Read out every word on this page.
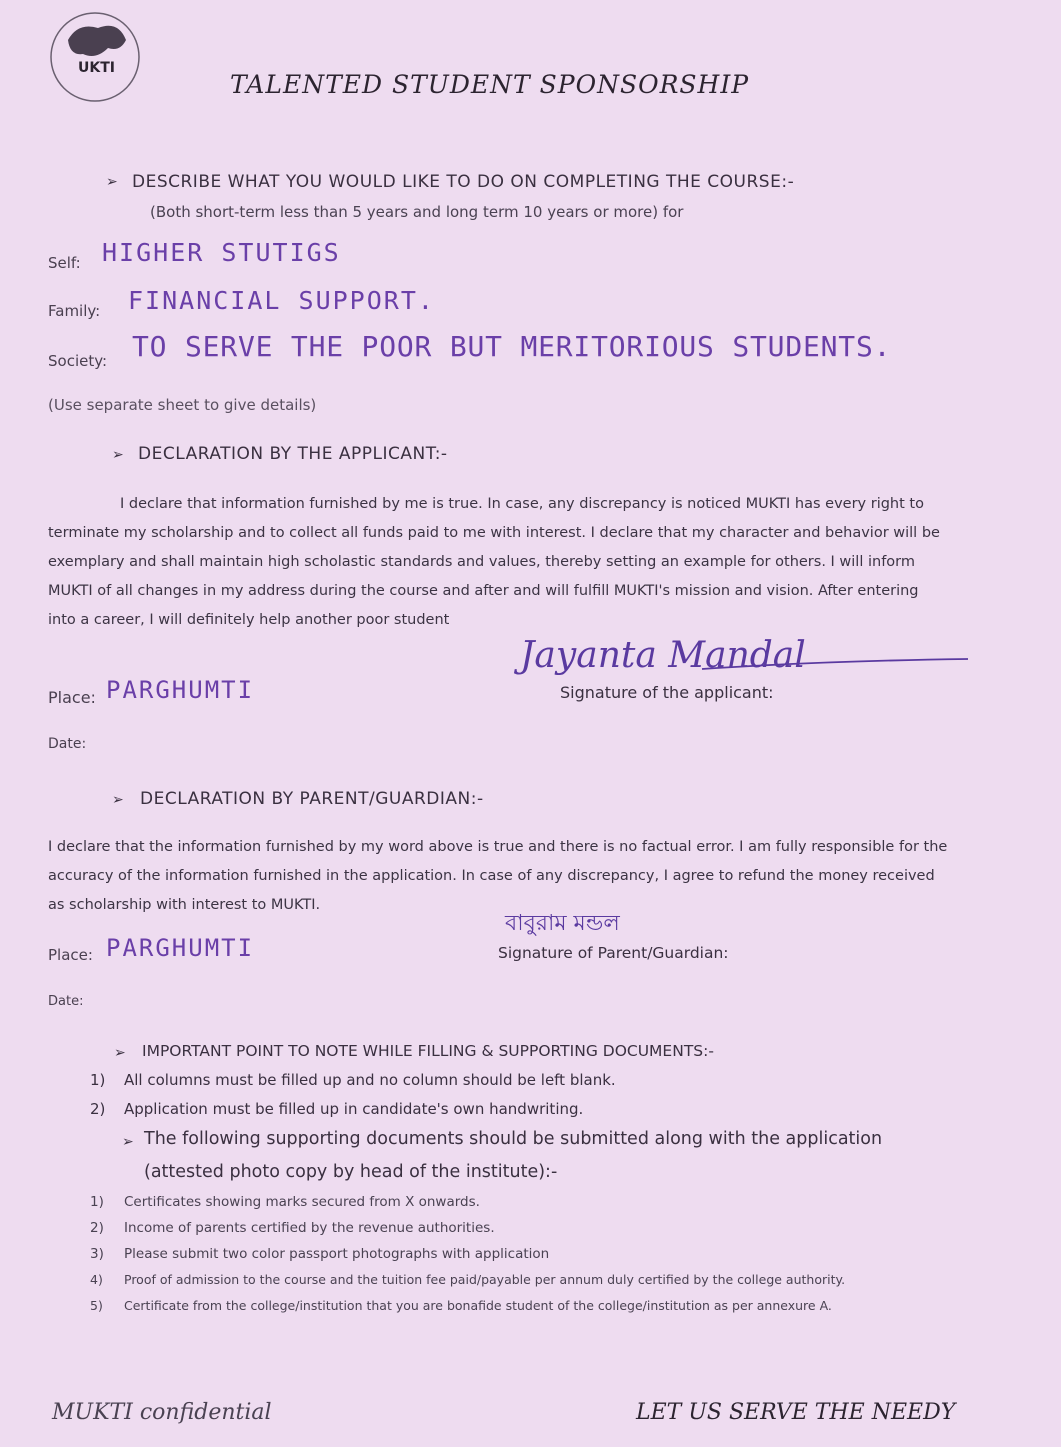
UKTI
TALENTED STUDENT SPONSORSHIP
➢ DESCRIBE WHAT YOU WOULD LIKE TO DO ON COMPLETING THE COURSE:-
(Both short-term less than 5 years and long term 10 years or more) for
Self: HIGHER STUTIGS
Family: FINANCIAL SUPPORT.
Society: TO SERVE THE POOR BUT MERITORIOUS STUDENTS.
(Use separate sheet to give details)
➢ DECLARATION BY THE APPLICANT:-
I declare that information furnished by me is true. In case, any discrepancy is noticed MUKTI has every right to terminate my scholarship and to collect all funds paid to me with interest. I declare that my character and behavior will be exemplary and shall maintain high scholastic standards and values, thereby setting an example for others. I will inform MUKTI of all changes in my address during the course and after and will fulfill MUKTI's mission and vision. After entering into a career, I will definitely help another poor student
Place: PARGHUMTI
Jayanta Mandal
Signature of the applicant:
Date:
➢ DECLARATION BY PARENT/GUARDIAN:-
I declare that the information furnished by my word above is true and there is no factual error. I am fully responsible for the accuracy of the information furnished in the application. In case of any discrepancy, I agree to refund the money received as scholarship with interest to MUKTI.
Place: PARGHUMTI
বাবুরাম মন্ডল
Signature of Parent/Guardian:
Date:
➢ IMPORTANT POINT TO NOTE WHILE FILLING & SUPPORTING DOCUMENTS:-
1) All columns must be filled up and no column should be left blank.
2) Application must be filled up in candidate's own handwriting.
➢ The following supporting documents should be submitted along with the application
(attested photo copy by head of the institute):-
1) Certificates showing marks secured from X onwards.
2) Income of parents certified by the revenue authorities.
3) Please submit two color passport photographs with application
4) Proof of admission to the course and the tuition fee paid/payable per annum duly certified by the college authority.
5) Certificate from the college/institution that you are bonafide student of the college/institution as per annexure A.
MUKTI confidential	LET US SERVE THE NEEDY
